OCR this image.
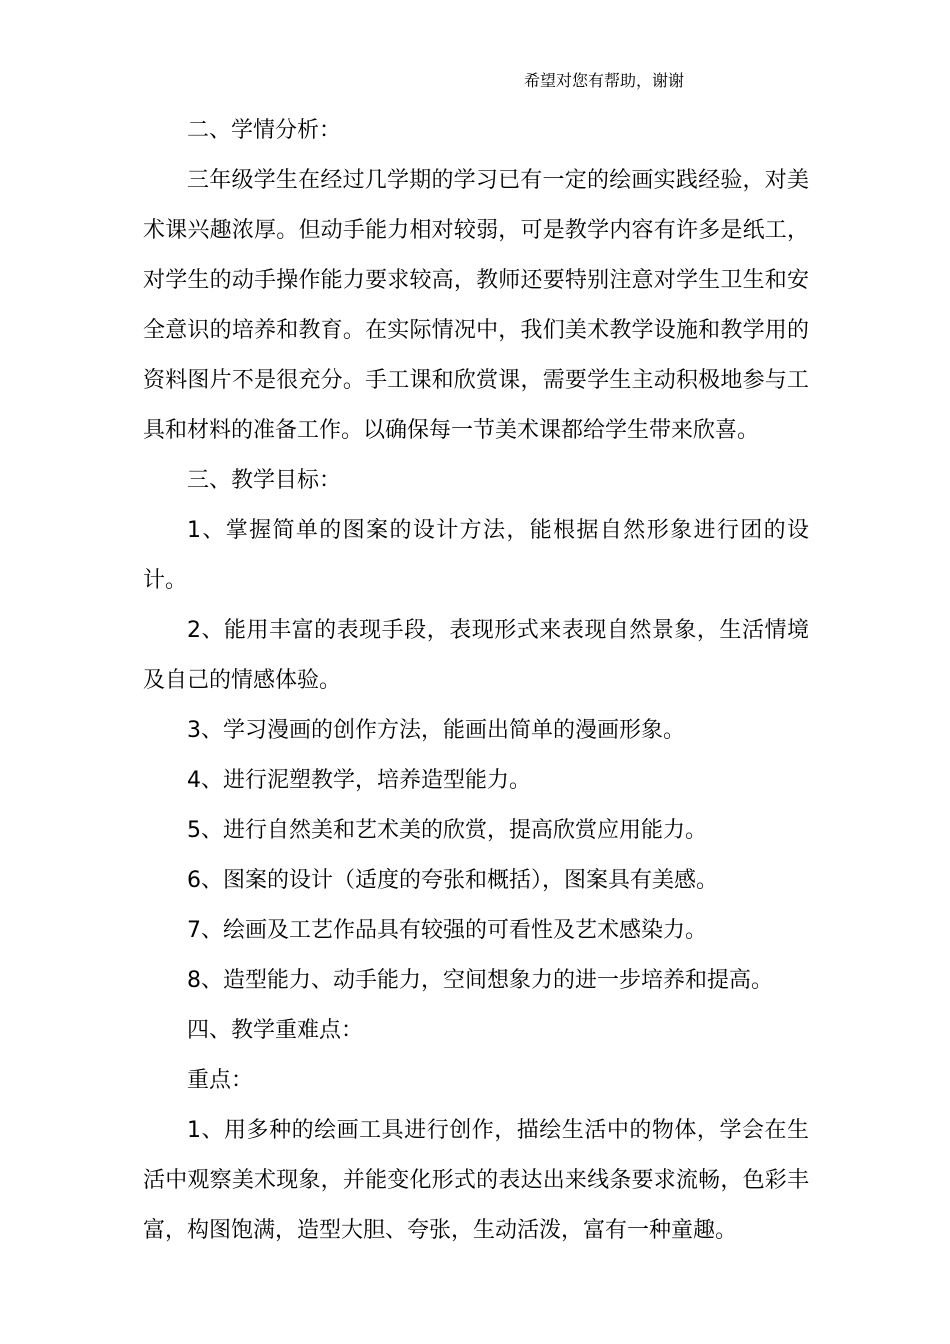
希望对您有帮助，谢谢

二、学情分析：

三年级学生在经过几学期的学习已有一定的绘画实践经验，对美术课兴趣浓厚。但动手能力相对较弱，可是教学内容有许多是纸工，对学生的动手操作能力要求较高，教师还要特别注意对学生卫生和安全意识的培养和教育。在实际情况中，我们美术教学设施和教学用的资料图片不是很充分。手工课和欣赏课，需要学生主动积极地参与工具和材料的准备工作。以确保每一节美术课都给学生带来欣喜。

三、教学目标：

1、掌握简单的图案的设计方法，能根据自然形象进行团的设计。

2、能用丰富的表现手段，表现形式来表现自然景象，生活情境及自己的情感体验。

3、学习漫画的创作方法，能画出简单的漫画形象。

4、进行泥塑教学，培养造型能力。

5、进行自然美和艺术美的欣赏，提高欣赏应用能力。

6、图案的设计（适度的夸张和概括），图案具有美感。

7、绘画及工艺作品具有较强的可看性及艺术感染力。

8、造型能力、动手能力，空间想象力的进一步培养和提高。

四、教学重难点：

重点：

1、用多种的绘画工具进行创作，描绘生活中的物体，学会在生活中观察美术现象，并能变化形式的表达出来线条要求流畅，色彩丰富，构图饱满，造型大胆、夸张，生动活泼，富有一种童趣。
